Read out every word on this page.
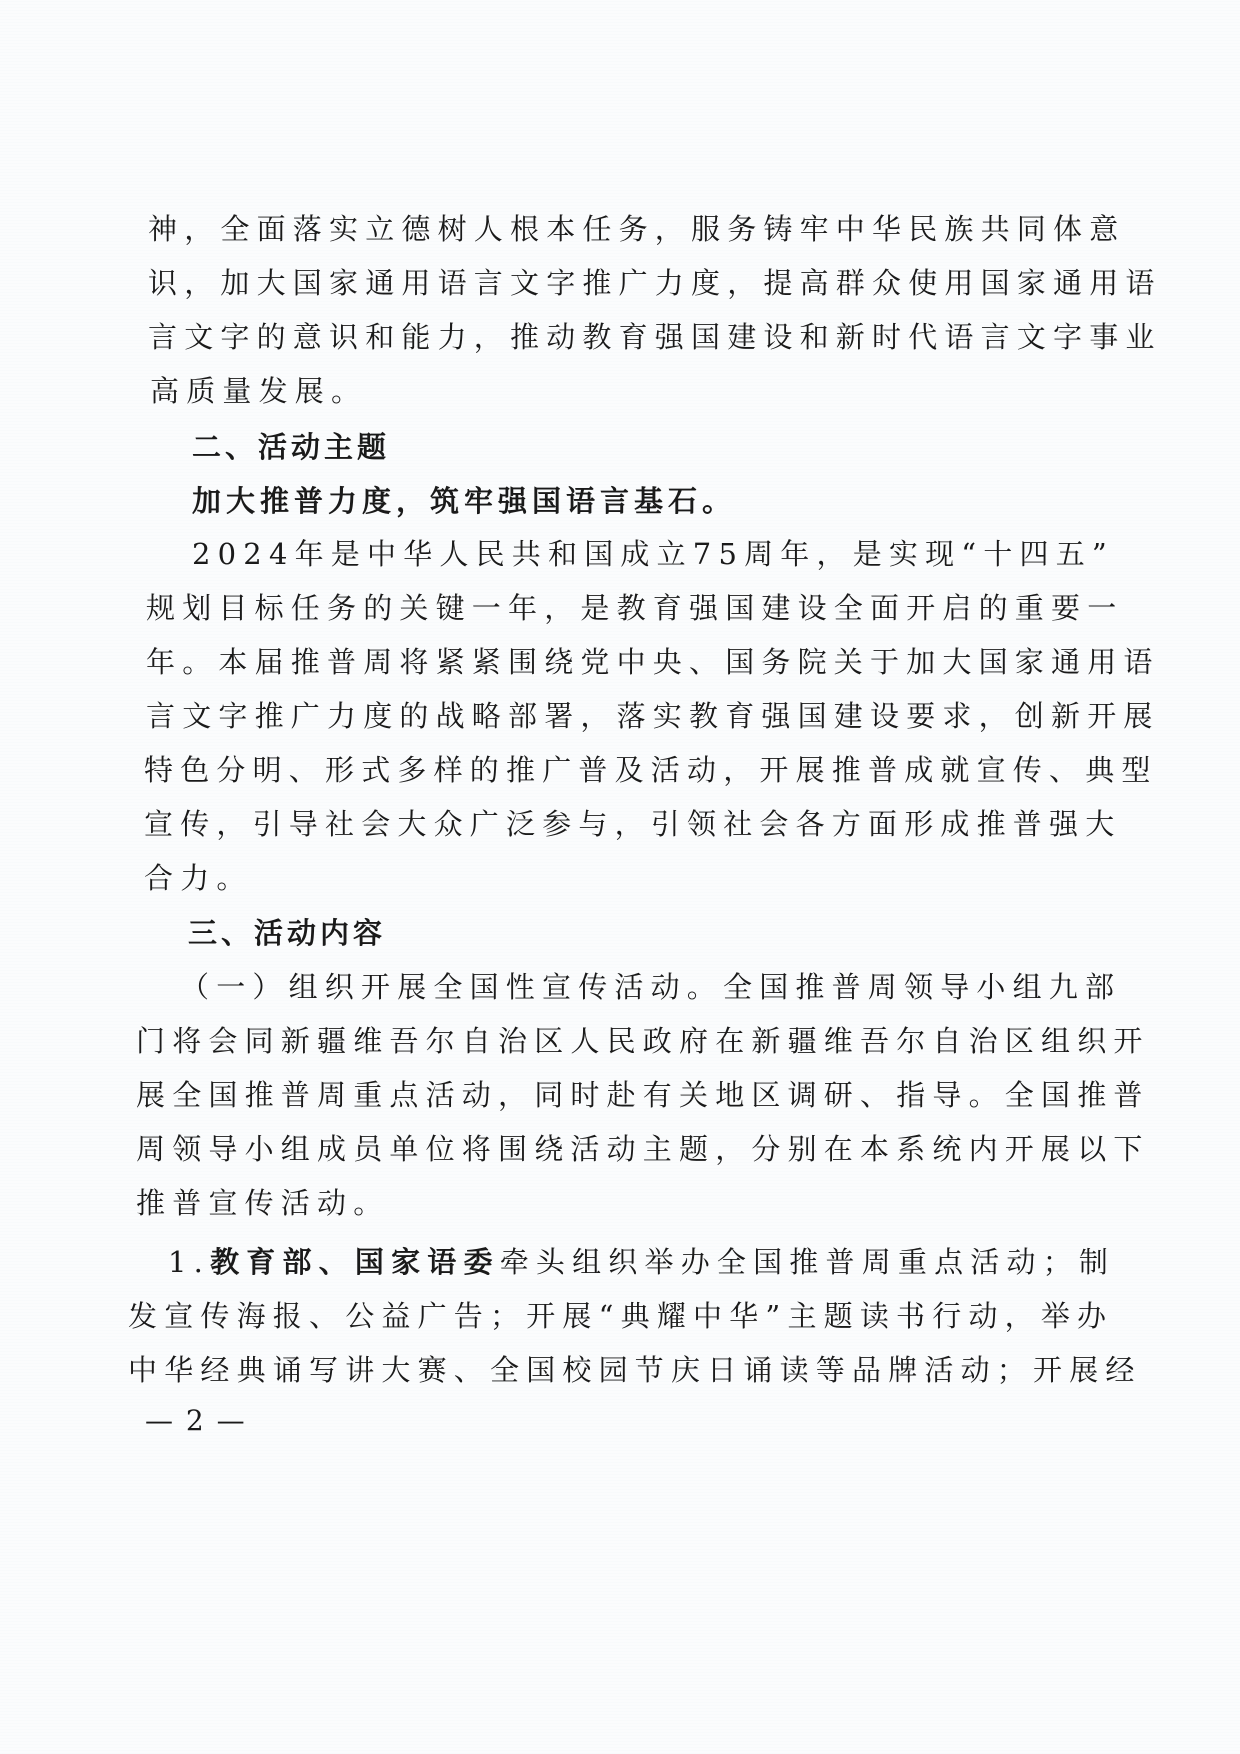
神，全面落实立德树人根本任务，服务铸牢中华民族共同体意
识，加大国家通用语言文字推广力度，提高群众使用国家通用语
言文字的意识和能力，推动教育强国建设和新时代语言文字事业
高质量发展。
二、活动主题
加大推普力度，筑牢强国语言基石。
2024年是中华人民共和国成立75周年，是实现“十四五”
规划目标任务的关键一年，是教育强国建设全面开启的重要一
年。本届推普周将紧紧围绕党中央、国务院关于加大国家通用语
言文字推广力度的战略部署，落实教育强国建设要求，创新开展
特色分明、形式多样的推广普及活动，开展推普成就宣传、典型
宣传，引导社会大众广泛参与，引领社会各方面形成推普强大
合力。
三、活动内容
（一）组织开展全国性宣传活动。全国推普周领导小组九部
门将会同新疆维吾尔自治区人民政府在新疆维吾尔自治区组织开
展全国推普周重点活动，同时赴有关地区调研、指导。全国推普
周领导小组成员单位将围绕活动主题，分别在本系统内开展以下
推普宣传活动。
1.教育部、国家语委牵头组织举办全国推普周重点活动；制
发宣传海报、公益广告；开展“典耀中华”主题读书行动，举办
中华经典诵写讲大赛、全国校园节庆日诵读等品牌活动；开展经
— 2 —
